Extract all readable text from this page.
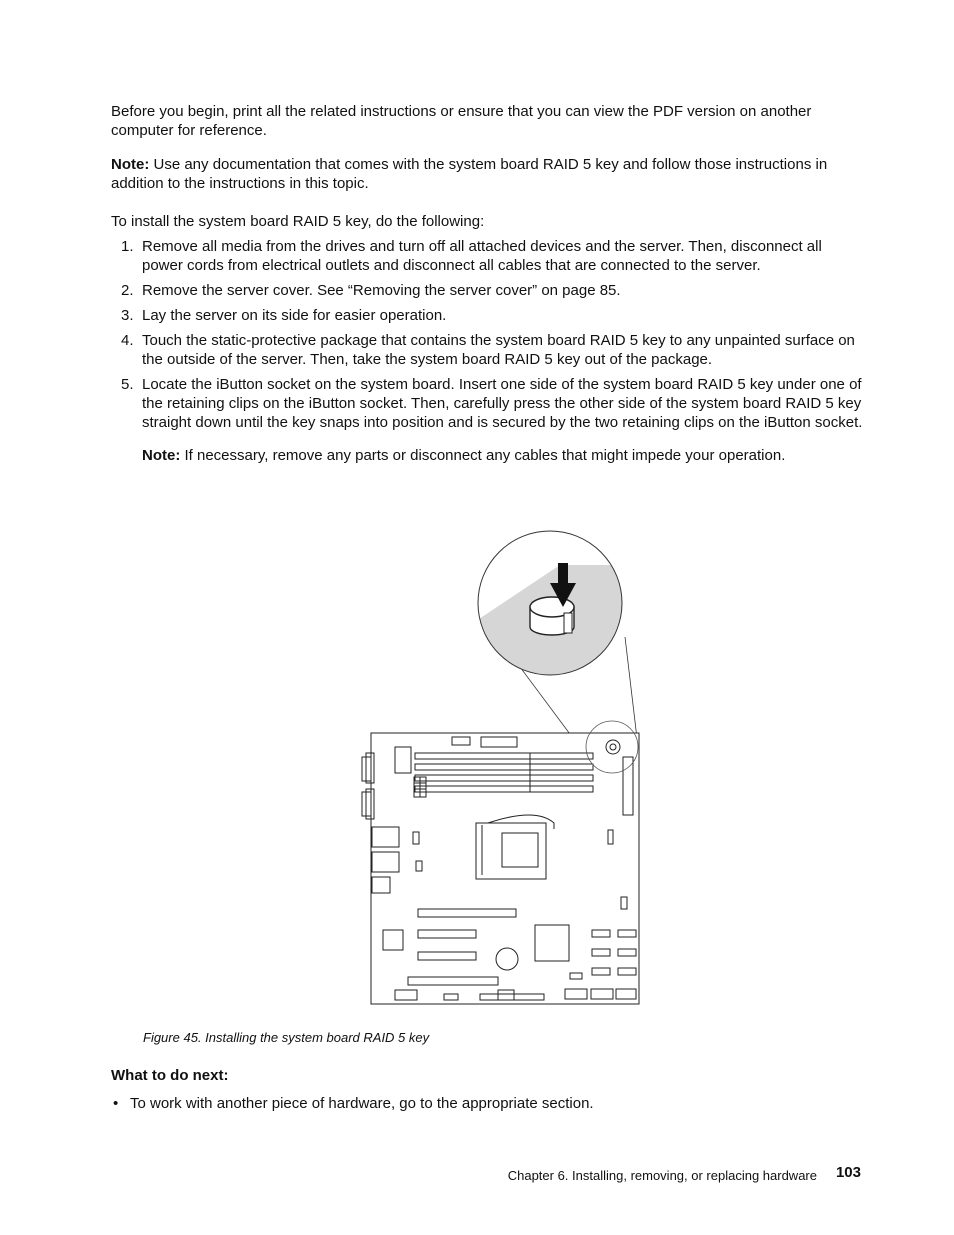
Before you begin, print all the related instructions or ensure that you can view the PDF version on another computer for reference.

Note: Use any documentation that comes with the system board RAID 5 key and follow those instructions in addition to the instructions in this topic.

To install the system board RAID 5 key, do the following:

1. Remove all media from the drives and turn off all attached devices and the server. Then, disconnect all power cords from electrical outlets and disconnect all cables that are connected to the server.
2. Remove the server cover. See “Removing the server cover” on page 85.
3. Lay the server on its side for easier operation.
4. Touch the static-protective package that contains the system board RAID 5 key to any unpainted surface on the outside of the server. Then, take the system board RAID 5 key out of the package.
5. Locate the iButton socket on the system board. Insert one side of the system board RAID 5 key under one of the retaining clips on the iButton socket. Then, carefully press the other side of the system board RAID 5 key straight down until the key snaps into position and is secured by the two retaining clips on the iButton socket.
Note: If necessary, remove any parts or disconnect any cables that might impede your operation.

Figure 45. Installing the system board RAID 5 key

What to do next:

• To work with another piece of hardware, go to the appropriate section.

Chapter 6. Installing, removing, or replacing hardware 103
